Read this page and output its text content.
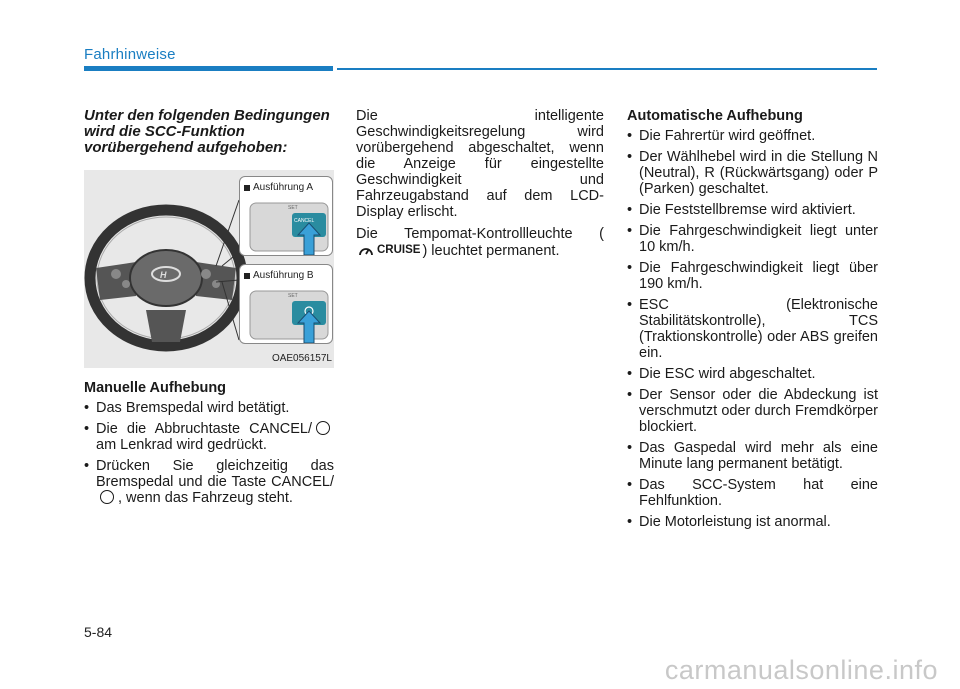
Fahrhinweise
Unter den folgenden Bedingungen wird die SCC-Funktion vorübergehend aufgehoben:
H
Ausführung A
SET
CANCEL
Ausführung B
SET
OAE056157L
Manuelle Aufhebung
• Das Bremspedal wird betätigt.
• Die die Abbruchtaste CANCEL/am Lenkrad wird gedrückt.
• Drücken Sie gleichzeitig das Bremspedal und die Taste CANCEL/, wenn das Fahrzeug steht.
Die intelligente Geschwindigkeitsregelung wird vorübergehend abgeschaltet, wenn die Anzeige für eingestellte Geschwindigkeit und Fahrzeugabstand auf dem LCD-Display erlischt.
Die Tempomat-Kontrollleuchte (
CRUISE ) leuchtet permanent.
Automatische Aufhebung
• Die Fahrertür wird geöffnet.
• Der Wählhebel wird in die Stellung N (Neutral), R (Rückwärtsgang) oder P (Parken) geschaltet.
• Die Feststellbremse wird aktiviert.
• Die Fahrgeschwindigkeit liegt unter 10 km/h.
• Die Fahrgeschwindigkeit liegt über 190 km/h.
• ESC (Elektronische Stabilitätskontrolle), TCS (Traktionskontrolle) oder ABS greifen ein.
• Die ESC wird abgeschaltet.
• Der Sensor oder die Abdeckung ist verschmutzt oder durch Fremdkörper blockiert.
• Das Gaspedal wird mehr als eine Minute lang permanent betätigt.
• Das SCC-System hat eine Fehlfunktion.
• Die Motorleistung ist anormal.
5-84
carmanualsonline.info
